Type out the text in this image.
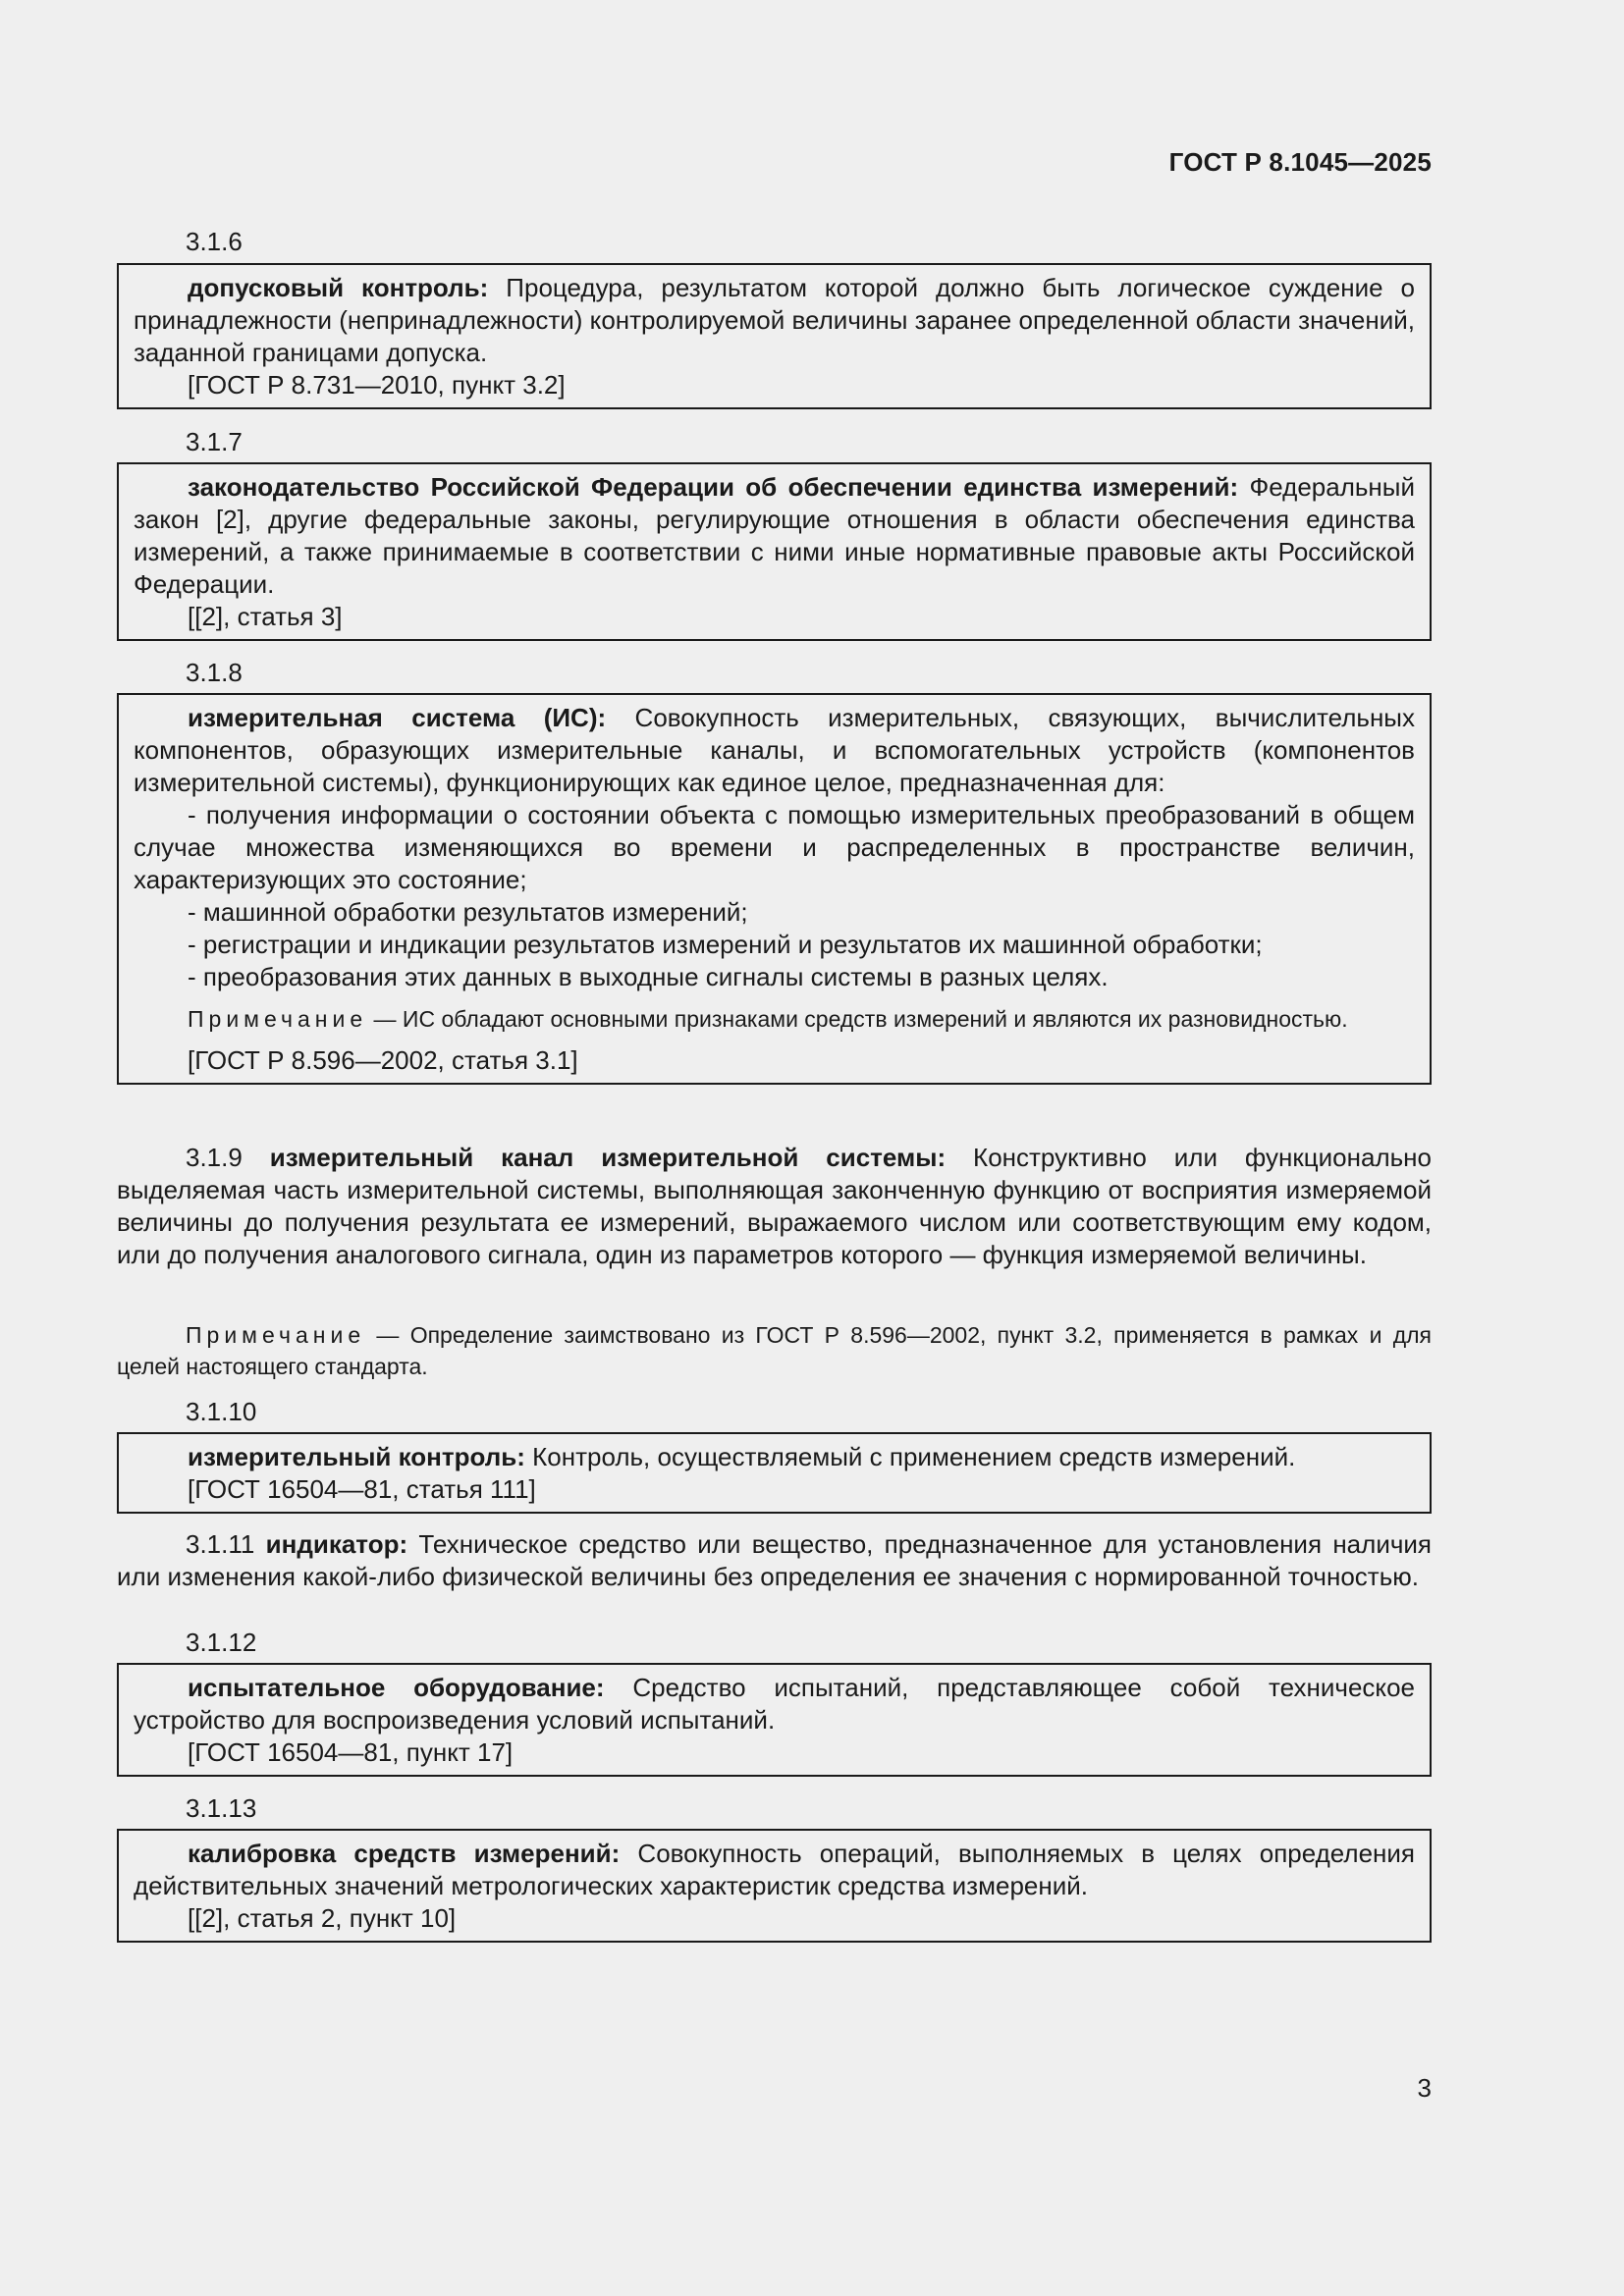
ГОСТ Р 8.1045—2025
3.1.6

допусковый контроль: Процедура, результатом которой должно быть логическое суждение о принадлежности (непринадлежности) контролируемой величины заранее определенной области значений, заданной границами допуска.

[ГОСТ Р 8.731—2010, пункт 3.2]

3.1.7

законодательство Российской Федерации об обеспечении единства измерений: Федеральный закон [2], другие федеральные законы, регулирующие отношения в области обеспечения единства измерений, а также принимаемые в соответствии с ними иные нормативные правовые акты Российской Федерации.

[[2], статья 3]

3.1.8

измерительная система (ИС): Совокупность измерительных, связующих, вычислительных компонентов, образующих измерительные каналы, и вспомогательных устройств (компонентов измерительной системы), функционирующих как единое целое, предназначенная для:

- получения информации о состоянии объекта с помощью измерительных преобразований в общем случае множества изменяющихся во времени и распределенных в пространстве величин, характеризующих это состояние;

- машинной обработки результатов измерений;

- регистрации и индикации результатов измерений и результатов их машинной обработки;

- преобразования этих данных в выходные сигналы системы в разных целях.

Примечание — ИС обладают основными признаками средств измерений и являются их разновидностью.

[ГОСТ Р 8.596—2002, статья 3.1]

3.1.9 измерительный канал измерительной системы: Конструктивно или функционально выделяемая часть измерительной системы, выполняющая законченную функцию от восприятия измеряемой величины до получения результата ее измерений, выражаемого числом или соответствующим ему кодом, или до получения аналогового сигнала, один из параметров которого — функция измеряемой величины.

Примечание — Определение заимствовано из ГОСТ Р 8.596—2002, пункт 3.2, применяется в рамках и для целей настоящего стандарта.
3.1.10

измерительный контроль: Контроль, осуществляемый с применением средств измерений.

[ГОСТ 16504—81, статья 111]

3.1.11 индикатор: Техническое средство или вещество, предназначенное для установления наличия или изменения какой-либо физической величины без определения ее значения с нормированной точностью.

3.1.12

испытательное оборудование: Средство испытаний, представляющее собой техническое устройство для воспроизведения условий испытаний.

[ГОСТ 16504—81, пункт 17]

3.1.13

калибровка средств измерений: Совокупность операций, выполняемых в целях определения действительных значений метрологических характеристик средства измерений.

[[2], статья 2, пункт 10]

3
